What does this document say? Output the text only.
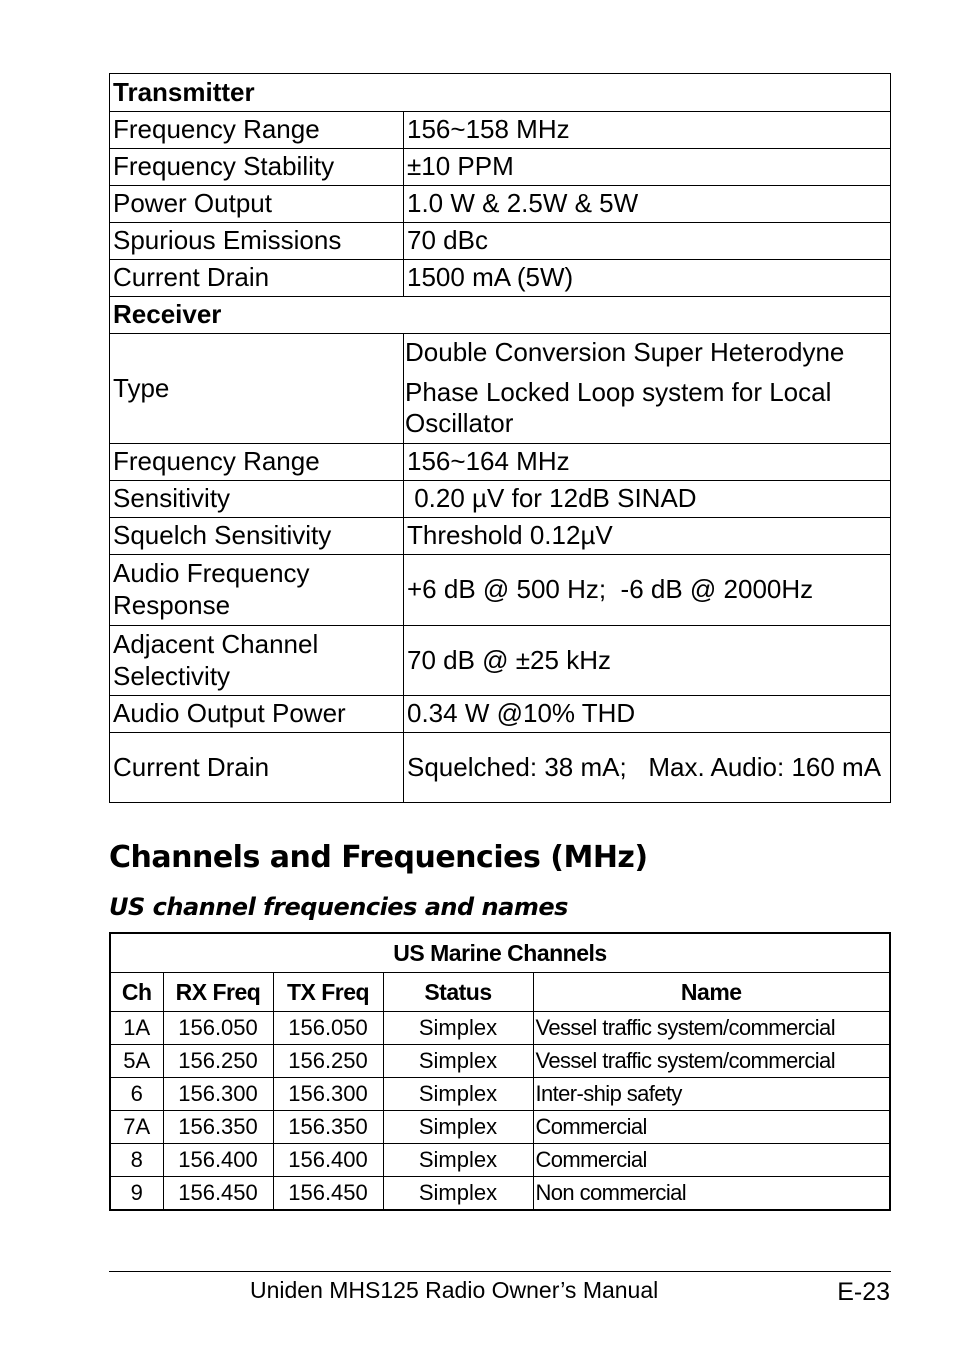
Transmitter	
Frequency Range	156~158 MHz
Frequency Stability	±10 PPM
Power Output	1.0 W & 2.5W & 5W
Spurious Emissions	70 dBc
Current Drain	1500 mA (5W)
Receiver	
Type	Double Conversion Super Heterodyne
Phase Locked Loop system for Local Oscillator

Frequency Range	156~164 MHz
Sensitivity	0.20 µV for 12dB SINAD
Squelch Sensitivity	Threshold 0.12µV
Audio Frequency Response	+6 dB @ 500 Hz;  -6 dB @ 2000Hz
Adjacent Channel Selectivity	70 dB @ ±25 kHz
Audio Output Power	0.34 W @10% THD
Current Drain	Squelched: 38 mA;   Max. Audio: 160 mA
Channels and Frequencies (MHz)
US channel frequencies and names
US Marine Channels				
Ch	RX Freq	TX Freq	Status	Name
1A	156.050	156.050	Simplex	Vessel traffic system/commercial
5A	156.250	156.250	Simplex	Vessel traffic system/commercial
6	156.300	156.300	Simplex	Inter-ship safety
7A	156.350	156.350	Simplex	Commercial
8	156.400	156.400	Simplex	Commercial
9	156.450	156.450	Simplex	Non commercial
Uniden MHS125 Radio Owner’s Manual	E-23
